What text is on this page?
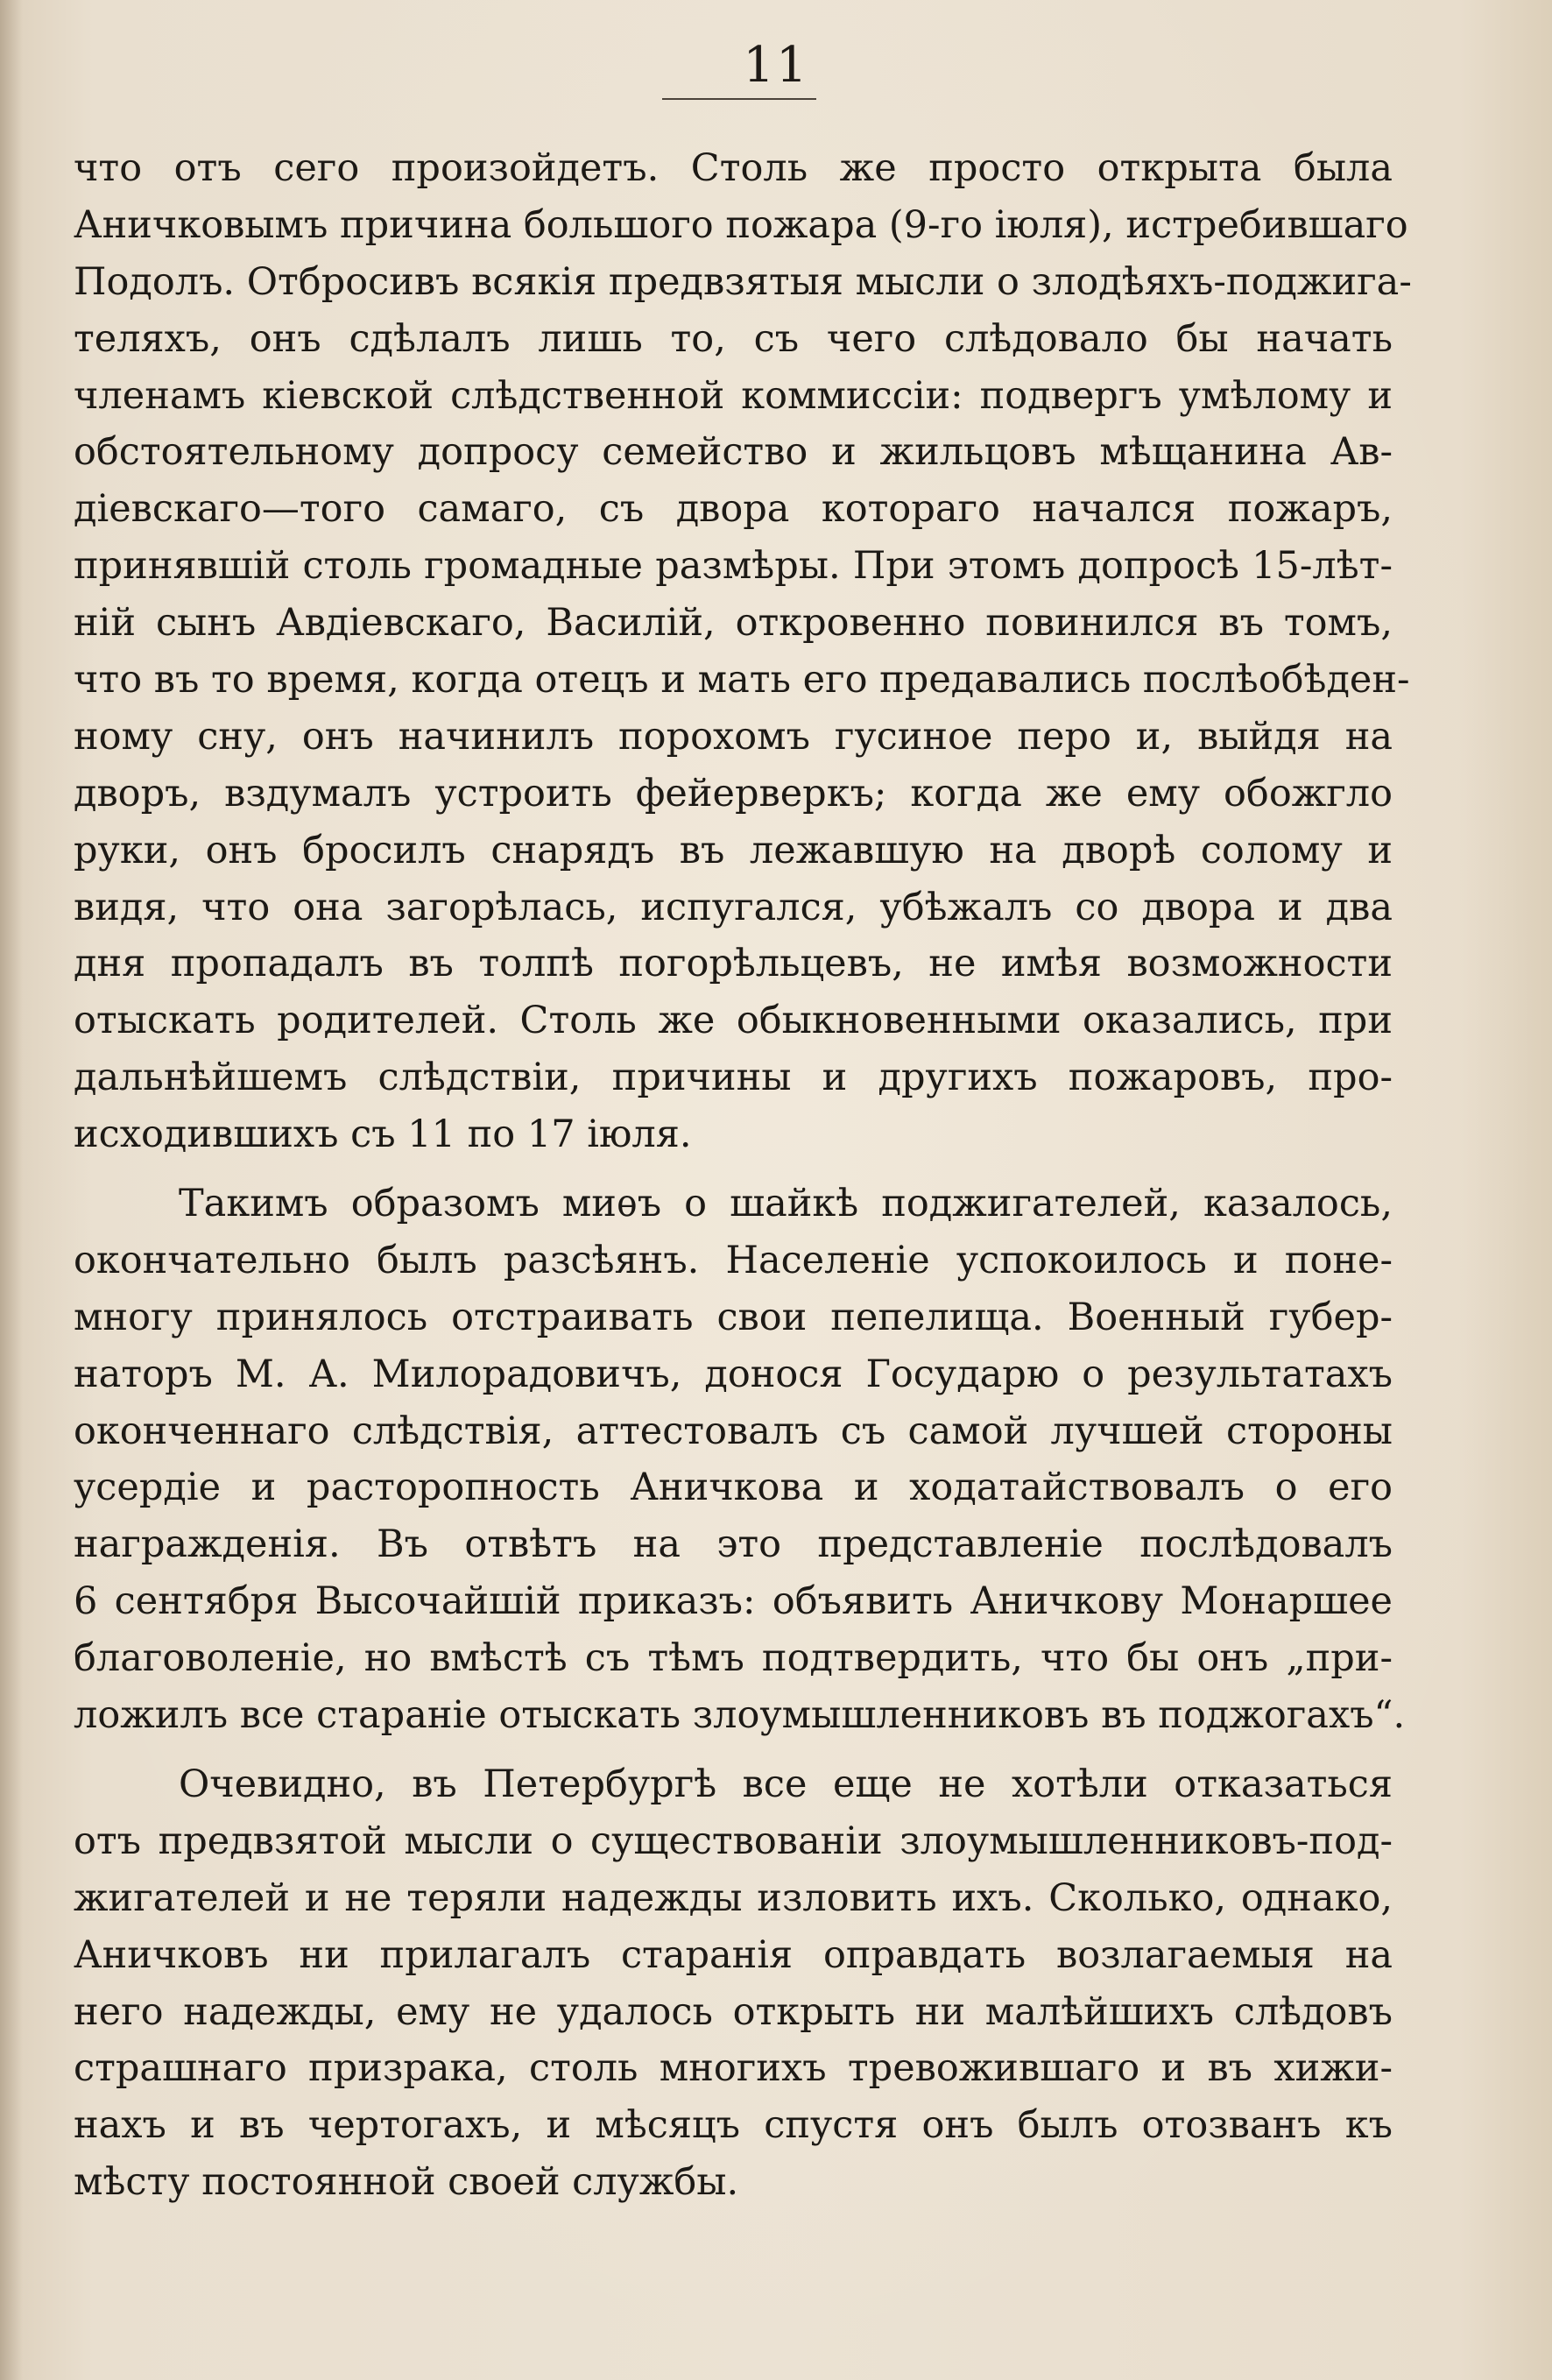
11
что отъ сего произойдетъ. Столь же просто открыта была
Аничковымъ причина большого пожара (9-го іюля), истребившаго
Подолъ. Отбросивъ всякія предвзятыя мысли о злодѣяхъ-поджига-
теляхъ, онъ сдѣлалъ лишь то, съ чего слѣдовало бы начать
членамъ кіевской слѣдственной коммиссіи: подвергъ умѣлому и
обстоятельному допросу семейство и жильцовъ мѣщанина Ав-
діевскаго—того самаго, съ двора котораго начался пожаръ,
принявшій столь громадные размѣры. При этомъ допросѣ 15-лѣт-
ній сынъ Авдіевскаго, Василій, откровенно повинился въ томъ,
что въ то время, когда отецъ и мать его предавались послѣобѣден-
ному сну, онъ начинилъ порохомъ гусиное перо и, выйдя на
дворъ, вздумалъ устроить фейерверкъ; когда же ему обожгло
руки, онъ бросилъ снарядъ въ лежавшую на дворѣ солому и
видя, что она загорѣлась, испугался, убѣжалъ со двора и два
дня пропадалъ въ толпѣ погорѣльцевъ, не имѣя возможности
отыскать родителей. Столь же обыкновенными оказались, при
дальнѣйшемъ слѣдствіи, причины и другихъ пожаровъ, про-
исходившихъ съ 11 по 17 іюля.
Такимъ образомъ миѳъ о шайкѣ поджигателей, казалось,
окончательно былъ разсѣянъ. Населеніе успокоилось и поне-
многу принялось отстраивать свои пепелища. Военный губер-
наторъ М. А. Милорадовичъ, донося Государю о результатахъ
оконченнаго слѣдствія, аттестовалъ съ самой лучшей стороны
усердіе и расторопность Аничкова и ходатайствовалъ о его
награжденія. Въ отвѣтъ на это представленіе послѣдовалъ
6 сентября Высочайшій приказъ: объявить Аничкову Монаршее
благоволеніе, но вмѣстѣ съ тѣмъ подтвердить, что бы онъ „при-
ложилъ все стараніе отыскать злоумышленниковъ въ поджогахъ“.
Очевидно, въ Петербургѣ все еще не хотѣли отказаться
отъ предвзятой мысли о существованіи злоумышленниковъ-под-
жигателей и не теряли надежды изловить ихъ. Сколько, однако,
Аничковъ ни прилагалъ старанія оправдать возлагаемыя на
него надежды, ему не удалось открыть ни малѣйшихъ слѣдовъ
страшнаго призрака, столь многихъ тревожившаго и въ хижи-
нахъ и въ чертогахъ, и мѣсяцъ спустя онъ былъ отозванъ къ
мѣсту постоянной своей службы.
